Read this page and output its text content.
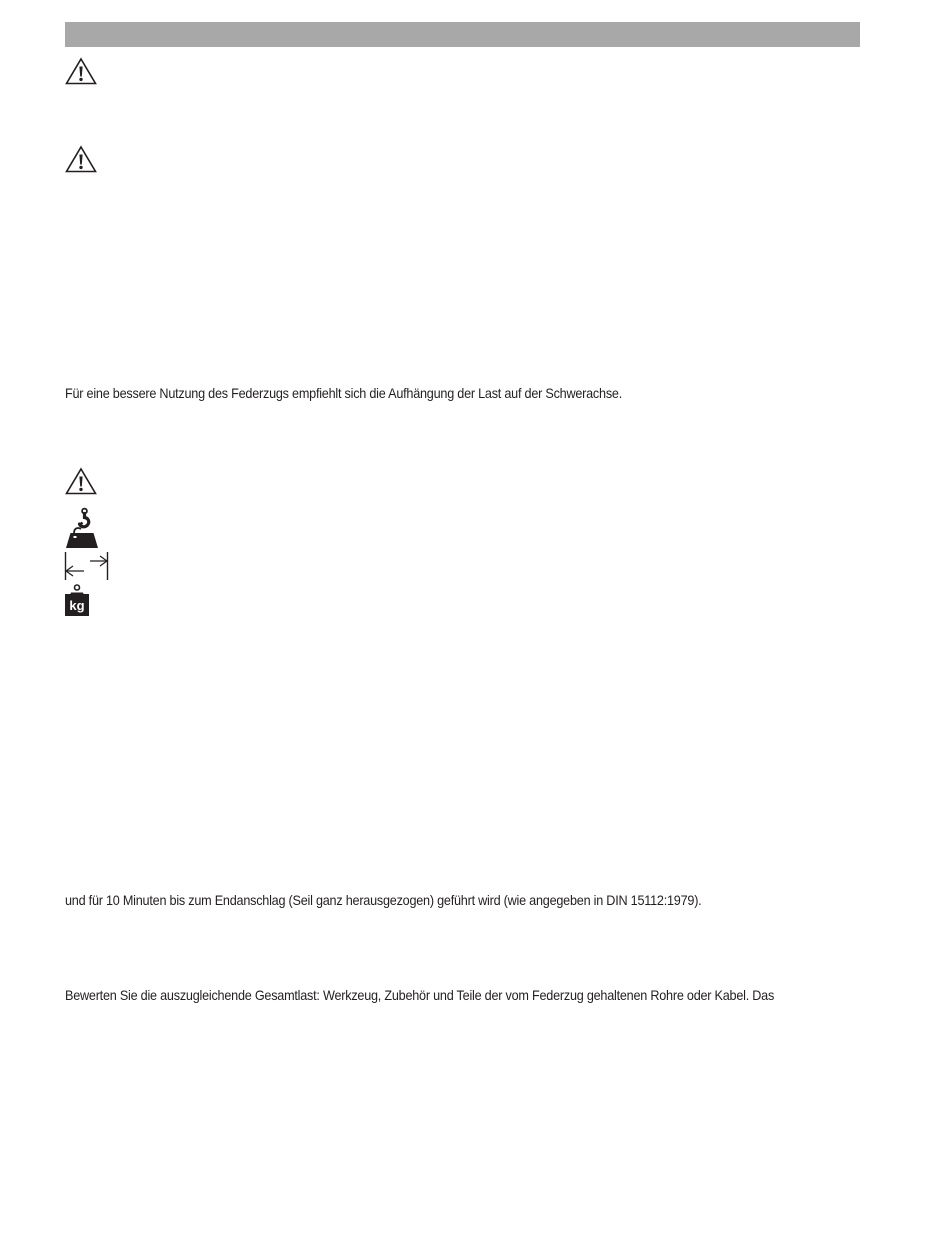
Für eine bessere Nutzung des Federzugs empfiehlt sich die Aufhängung der Last auf der Schwerachse.
kg
und für 10 Minuten bis zum Endanschlag (Seil ganz herausgezogen) geführt wird (wie angegeben in DIN 15112:1979).
Bewerten Sie die auszugleichende Gesamtlast: Werkzeug, Zubehör und Teile der vom Federzug gehaltenen Rohre oder Kabel. Das
